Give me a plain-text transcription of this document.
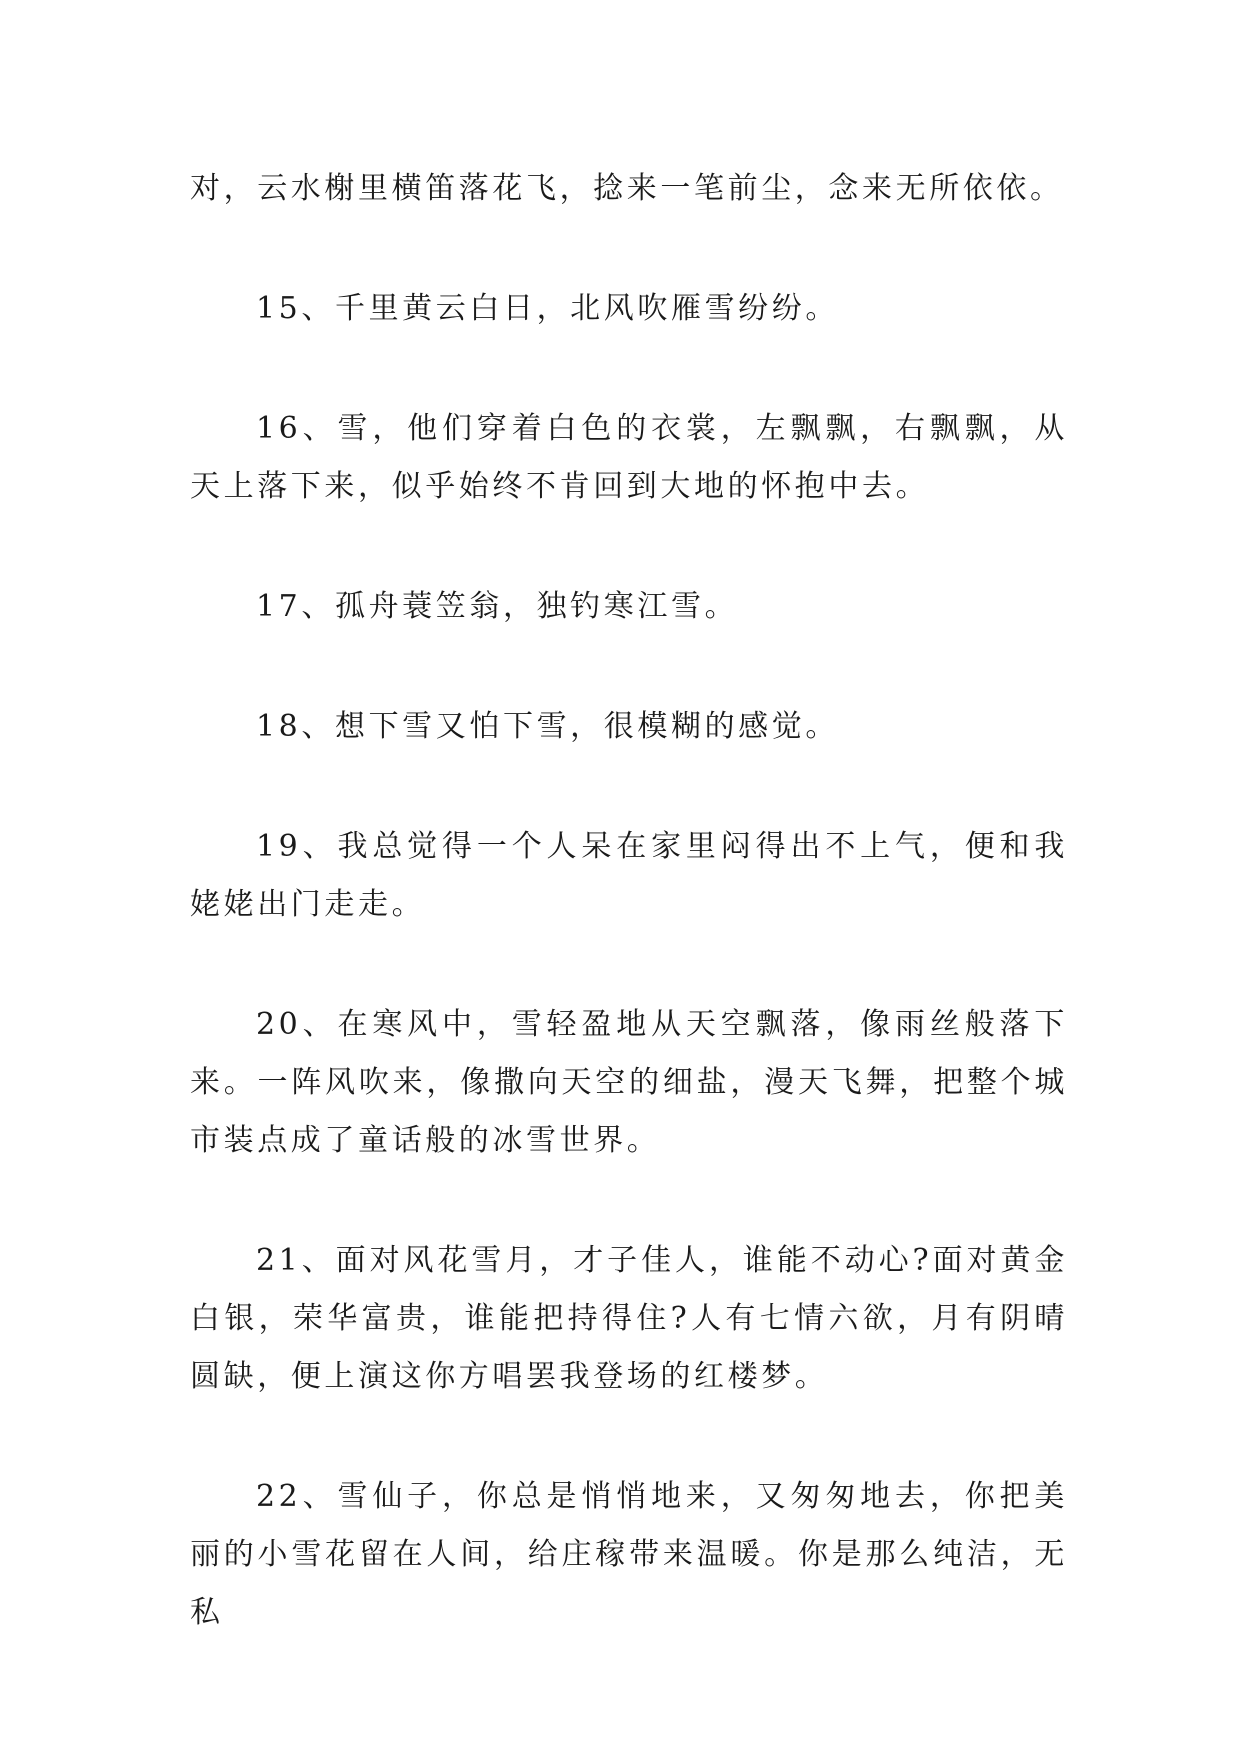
对，云水榭里横笛落花飞，捻来一笔前尘，念来无所依依。

15、千里黄云白日，北风吹雁雪纷纷。

16、雪，他们穿着白色的衣裳，左飘飘，右飘飘，从天上落下来，似乎始终不肯回到大地的怀抱中去。

17、孤舟蓑笠翁，独钓寒江雪。

18、想下雪又怕下雪，很模糊的感觉。

19、我总觉得一个人呆在家里闷得出不上气，便和我姥姥出门走走。

20、在寒风中，雪轻盈地从天空飘落，像雨丝般落下来。一阵风吹来，像撒向天空的细盐，漫天飞舞，把整个城市装点成了童话般的冰雪世界。

21、面对风花雪月，才子佳人，谁能不动心?面对黄金白银，荣华富贵，谁能把持得住?人有七情六欲，月有阴晴圆缺，便上演这你方唱罢我登场的红楼梦。

22、雪仙子，你总是悄悄地来，又匆匆地去，你把美丽的小雪花留在人间，给庄稼带来温暖。你是那么纯洁，无私
